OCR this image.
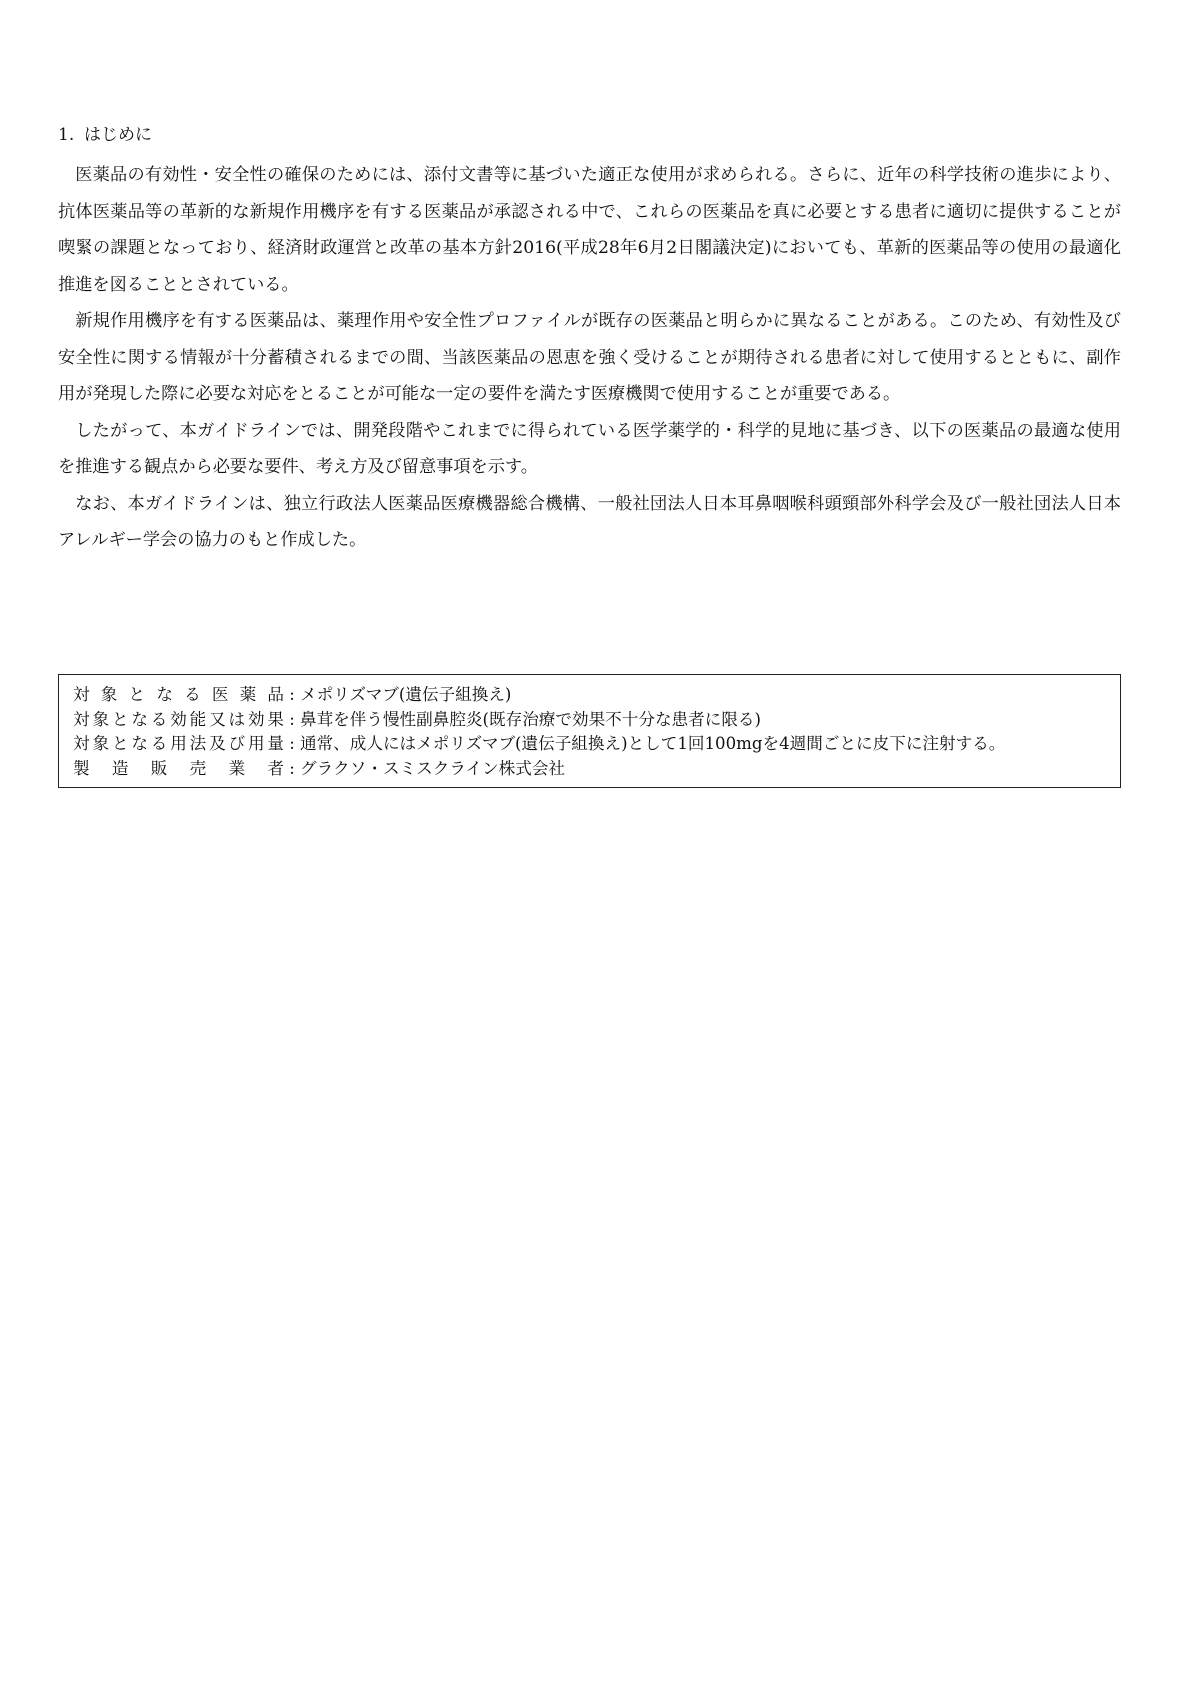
1. はじめに

医薬品の有効性・安全性の確保のためには、添付文書等に基づいた適正な使用が求められる。さらに、近年の科学技術の進歩により、抗体医薬品等の革新的な新規作用機序を有する医薬品が承認される中で、これらの医薬品を真に必要とする患者に適切に提供することが喫緊の課題となっており、経済財政運営と改革の基本方針2016(平成28年6月2日閣議決定)においても、革新的医薬品等の使用の最適化推進を図ることとされている。

新規作用機序を有する医薬品は、薬理作用や安全性プロファイルが既存の医薬品と明らかに異なることがある。このため、有効性及び安全性に関する情報が十分蓄積されるまでの間、当該医薬品の恩恵を強く受けることが期待される患者に対して使用するとともに、副作用が発現した際に必要な対応をとることが可能な一定の要件を満たす医療機関で使用することが重要である。

したがって、本ガイドラインでは、開発段階やこれまでに得られている医学薬学的・科学的見地に基づき、以下の医薬品の最適な使用を推進する観点から必要な要件、考え方及び留意事項を示す。

なお、本ガイドラインは、独立行政法人医薬品医療機器総合機構、一般社団法人日本耳鼻咽喉科頭頸部外科学会及び一般社団法人日本アレルギー学会の協力のもと作成した。

対象となる医薬品 : メポリズマブ(遺伝子組換え)
対象となる効能又は効果 : 鼻茸を伴う慢性副鼻腔炎(既存治療で効果不十分な患者に限る)
対象となる用法及び用量 : 通常、成人にはメポリズマブ(遺伝子組換え)として1回100mgを4週間ごとに皮下に注射する。
製造販売業者 : グラクソ・スミスクライン株式会社
